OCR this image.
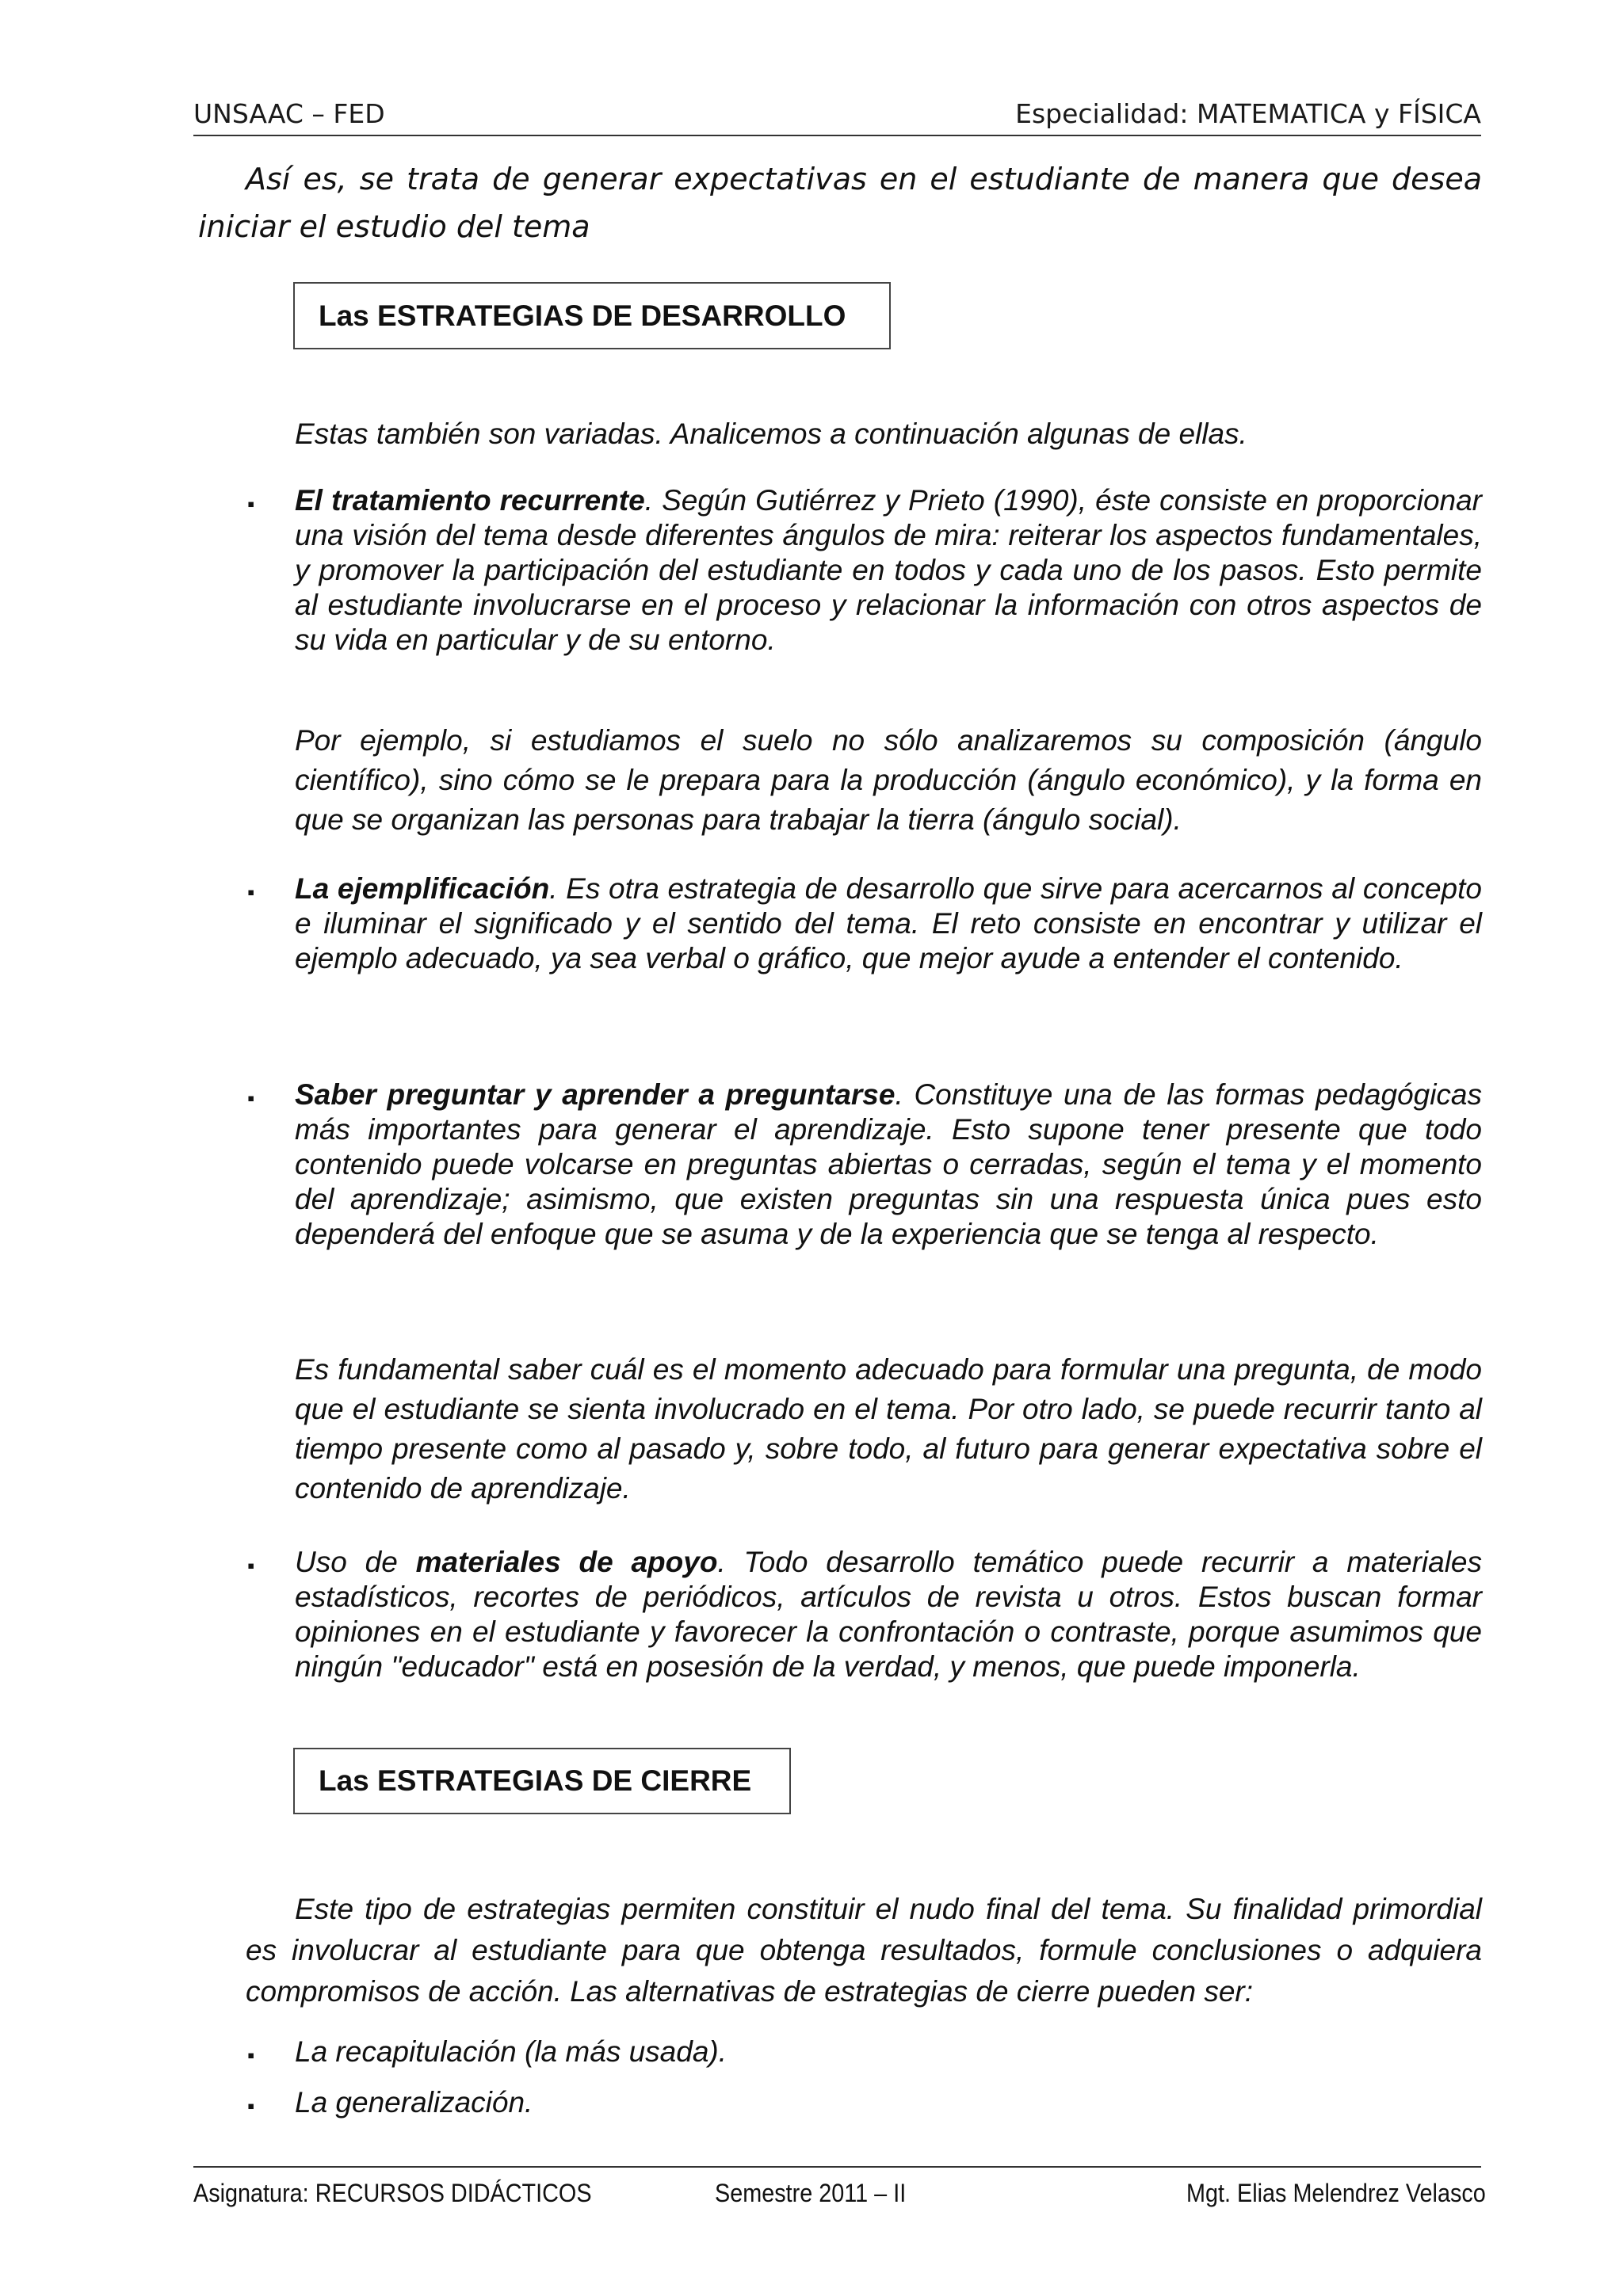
UNSAAC – FED	Especialidad: MATEMATICA y FÍSICA
Así es, se trata de generar expectativas en el estudiante de manera que desea
iniciar el estudio del tema
Las ESTRATEGIAS DE DESARROLLO
Estas también son variadas. Analicemos a continuación algunas de ellas.
▪ El tratamiento recurrente. Según Gutiérrez y Prieto (1990), éste consiste en proporcionar una visión del tema desde diferentes ángulos de mira: reiterar los aspectos fundamentales, y promover la participación del estudiante en todos y cada uno de los pasos. Esto permite al estudiante involucrarse en el proceso y relacionar la información con otros aspectos de su vida en particular y de su entorno.
Por ejemplo, si estudiamos el suelo no sólo analizaremos su composición (ángulo científico), sino cómo se le prepara para la producción (ángulo económico), y la forma en que se organizan las personas para trabajar la tierra (ángulo social).
▪ La ejemplificación. Es otra estrategia de desarrollo que sirve para acercarnos al concepto e iluminar el significado y el sentido del tema. El reto consiste en encontrar y utilizar el ejemplo adecuado, ya sea verbal o gráfico, que mejor ayude a entender el contenido.
▪ Saber preguntar y aprender a preguntarse. Constituye una de las formas pedagógicas más importantes para generar el aprendizaje. Esto supone tener presente que todo contenido puede volcarse en preguntas abiertas o cerradas, según el tema y el momento del aprendizaje; asimismo, que existen preguntas sin una respuesta única pues esto dependerá del enfoque que se asuma y de la experiencia que se tenga al respecto.
Es fundamental saber cuál es el momento adecuado para formular una pregunta, de modo que el estudiante se sienta involucrado en el tema. Por otro lado, se puede recurrir tanto al tiempo presente como al pasado y, sobre todo, al futuro para generar expectativa sobre el contenido de aprendizaje.
▪ Uso de materiales de apoyo. Todo desarrollo temático puede recurrir a materiales estadísticos, recortes de periódicos, artículos de revista u otros. Estos buscan formar opiniones en el estudiante y favorecer la confrontación o contraste, porque asumimos que ningún "educador" está en posesión de la verdad, y menos, que puede imponerla.
Las ESTRATEGIAS DE CIERRE
Este tipo de estrategias permiten constituir el nudo final del tema. Su finalidad primordial
es involucrar al estudiante para que obtenga resultados, formule conclusiones o adquiera compromisos de acción. Las alternativas de estrategias de cierre pueden ser:
▪ La recapitulación (la más usada).
▪ La generalización.
Asignatura: RECURSOS DIDÁCTICOS	Semestre 2011 – II	Mgt. Elias Melendrez Velasco
